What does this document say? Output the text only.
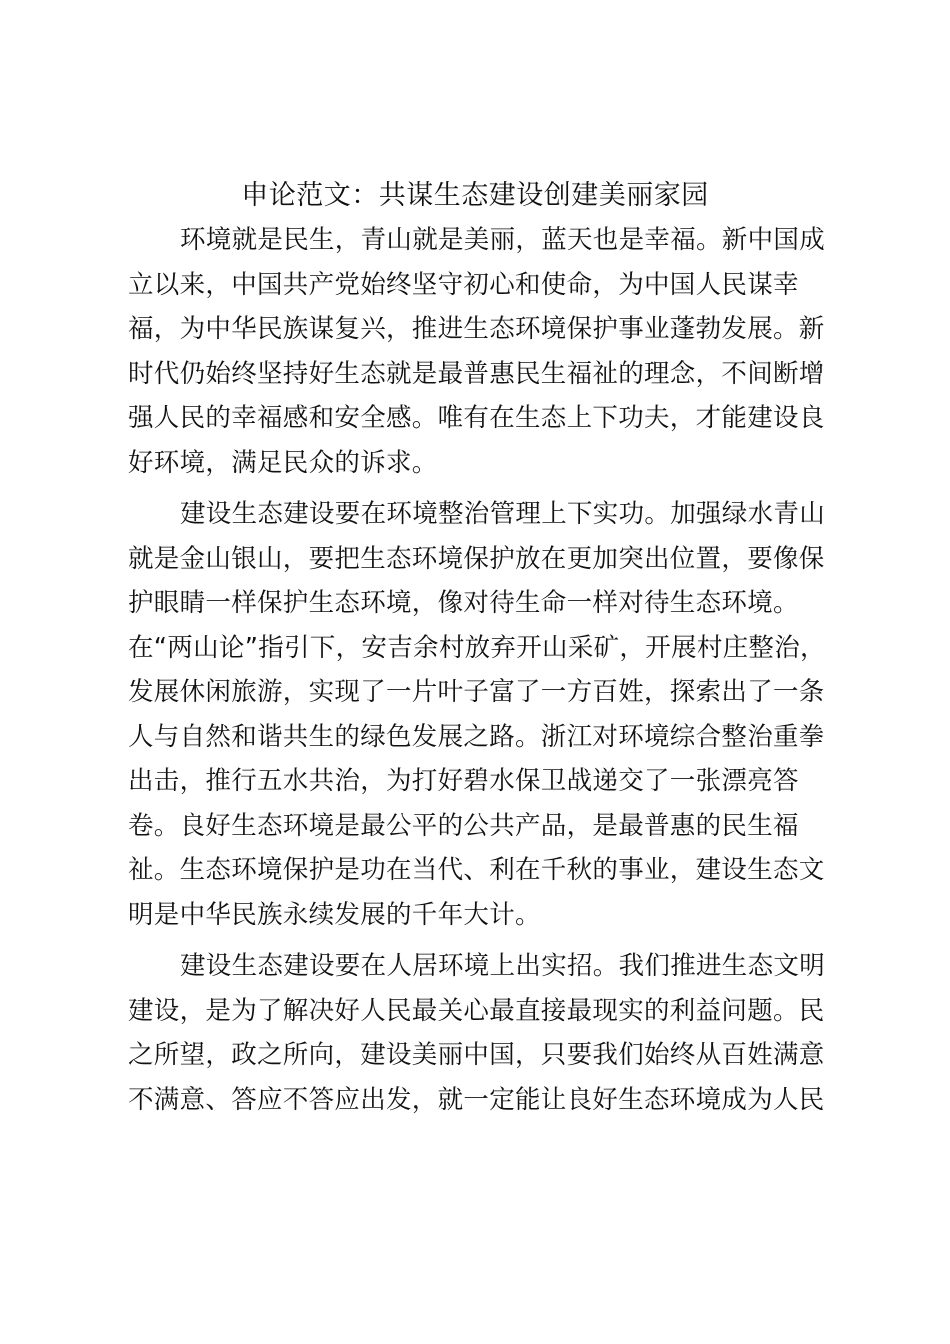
申论范文：共谋生态建设创建美丽家园
环境就是民生，青山就是美丽，蓝天也是幸福。新中国成
立以来，中国共产党始终坚守初心和使命，为中国人民谋幸
福，为中华民族谋复兴，推进生态环境保护事业蓬勃发展。新
时代仍始终坚持好生态就是最普惠民生福祉的理念，不间断增
强人民的幸福感和安全感。唯有在生态上下功夫，才能建设良
好环境，满足民众的诉求。
建设生态建设要在环境整治管理上下实功。加强绿水青山
就是金山银山，要把生态环境保护放在更加突出位置，要像保
护眼睛一样保护生态环境，像对待生命一样对待生态环境。
在“两山论”指引下，安吉余村放弃开山采矿，开展村庄整治，
发展休闲旅游，实现了一片叶子富了一方百姓，探索出了一条
人与自然和谐共生的绿色发展之路。浙江对环境综合整治重拳
出击，推行五水共治，为打好碧水保卫战递交了一张漂亮答
卷。良好生态环境是最公平的公共产品，是最普惠的民生福
祉。生态环境保护是功在当代、利在千秋的事业，建设生态文
明是中华民族永续发展的千年大计。
建设生态建设要在人居环境上出实招。我们推进生态文明
建设，是为了解决好人民最关心最直接最现实的利益问题。民
之所望，政之所向，建设美丽中国，只要我们始终从百姓满意
不满意、答应不答应出发，就一定能让良好生态环境成为人民
